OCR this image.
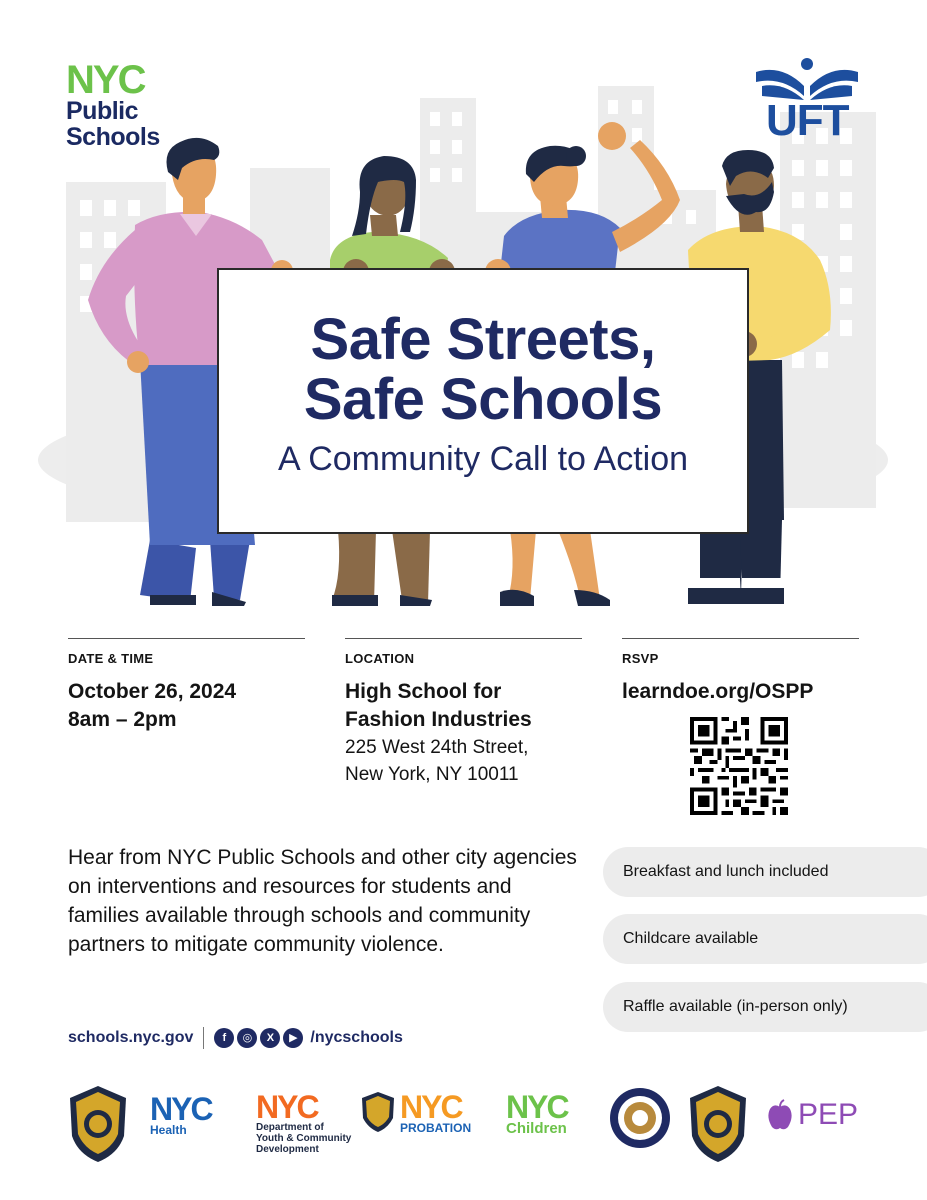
NYC
Public
Schools	UFT
Safe Streets,
Safe Schools
A Community Call to Action
DATE & TIME
October 26, 2024
8am – 2pm
LOCATION
High School for
Fashion Industries
225 West 24th Street,
New York, NY 10011
RSVP
learndoe.org/OSPP

Hear from NYC Public Schools and other city agencies on interventions and resources for students and families available through schools and community partners to mitigate community violence.

Breakfast and lunch included
Childcare available
Raffle available (in-person only)
schools.nyc.gov	f	◎	X	▶ /nycschools
NYC
Health
NYC
Department of Youth & Community Development
NYC
PROBATION
NYC
Children	PEP
